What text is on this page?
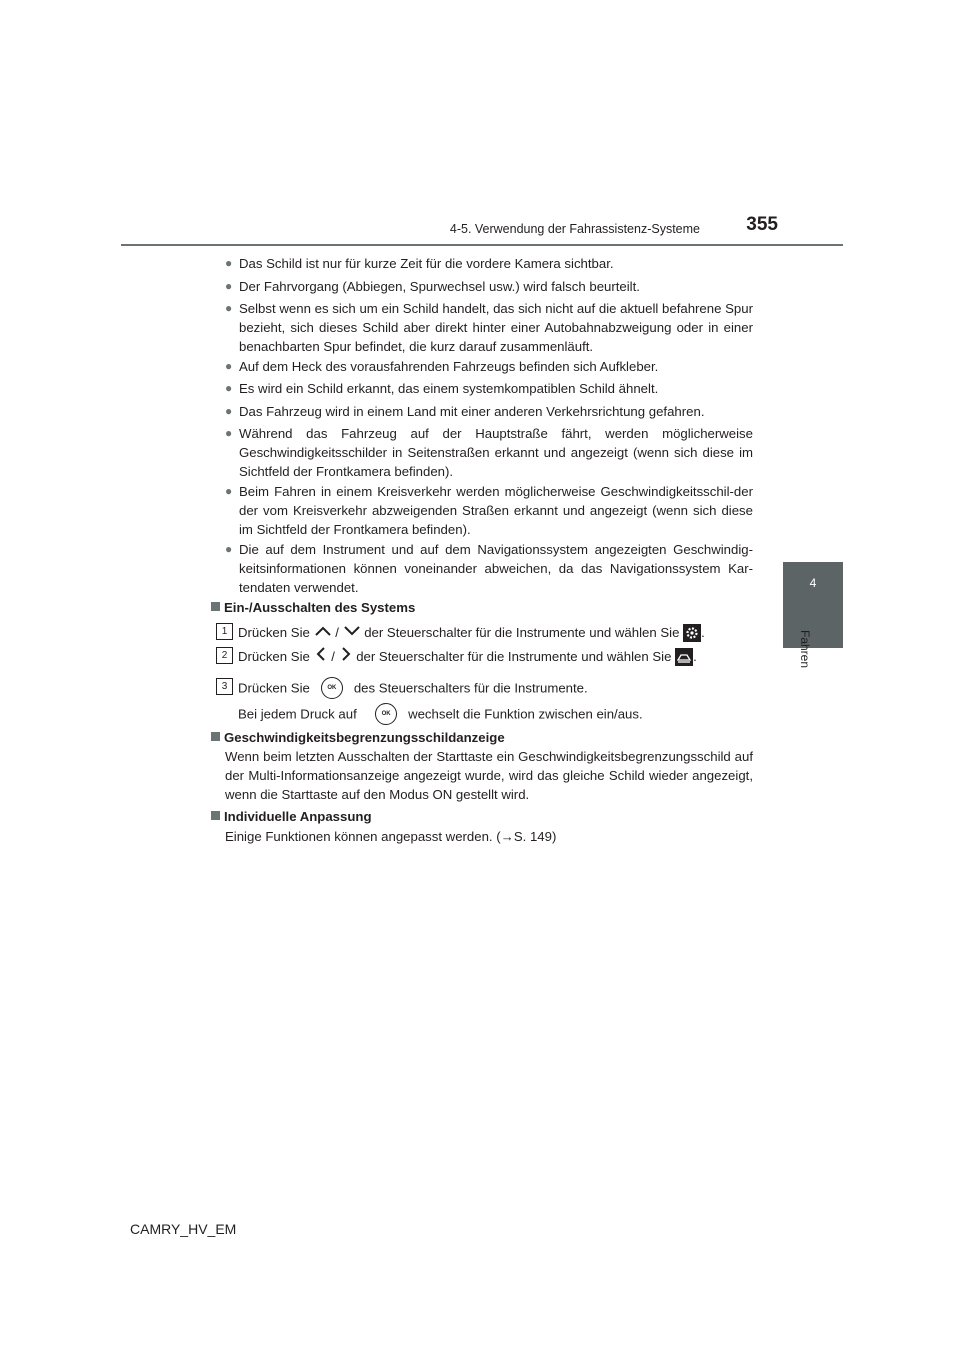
4-5. Verwendung der Fahrassistenz-Systeme	355
4
Fahren
● Das Schild ist nur für kurze Zeit für die vordere Kamera sichtbar.
● Der Fahrvorgang (Abbiegen, Spurwechsel usw.) wird falsch beurteilt.
● Selbst wenn es sich um ein Schild handelt, das sich nicht auf die aktuell befahrene Spur bezieht, sich dieses Schild aber direkt hinter einer Autobahnabzweigung oder in einer benachbarten Spur befindet, die kurz darauf zusammenläuft.
● Auf dem Heck des vorausfahrenden Fahrzeugs befinden sich Aufkleber.
● Es wird ein Schild erkannt, das einem systemkompatiblen Schild ähnelt.
● Das Fahrzeug wird in einem Land mit einer anderen Verkehrsrichtung gefahren.
● Während das Fahrzeug auf der Hauptstraße fährt, werden möglicherweise Geschwindigkeitsschilder in Seitenstraßen erkannt und angezeigt (wenn sich diese im Sichtfeld der Frontkamera befinden).
● Beim Fahren in einem Kreisverkehr werden möglicherweise Geschwindigkeitsschil-der der vom Kreisverkehr abzweigenden Straßen erkannt und angezeigt (wenn sich diese im Sichtfeld der Frontkamera befinden).
● Die auf dem Instrument und auf dem Navigationssystem angezeigten Geschwindig-keitsinformationen können voneinander abweichen, da das Navigationssystem Kar-tendaten verwendet.
Ein-/Ausschalten des Systems
1 Drücken Sie / der Steuerschalter für die Instrumente und wählen Sie .
2 Drücken Sie / der Steuerschalter für die Instrumente und wählen Sie .
3 Drücken Sie	OK des Steuerschalters für die Instrumente.
Bei jedem Druck auf	OK wechselt die Funktion zwischen ein/aus.
Geschwindigkeitsbegrenzungsschildanzeige
Wenn beim letzten Ausschalten der Starttaste ein Geschwindigkeitsbegrenzungsschild auf der Multi-Informationsanzeige angezeigt wurde, wird das gleiche Schild wieder angezeigt, wenn die Starttaste auf den Modus ON gestellt wird.
Individuelle Anpassung
Einige Funktionen können angepasst werden. (→S. 149)
CAMRY_HV_EM
